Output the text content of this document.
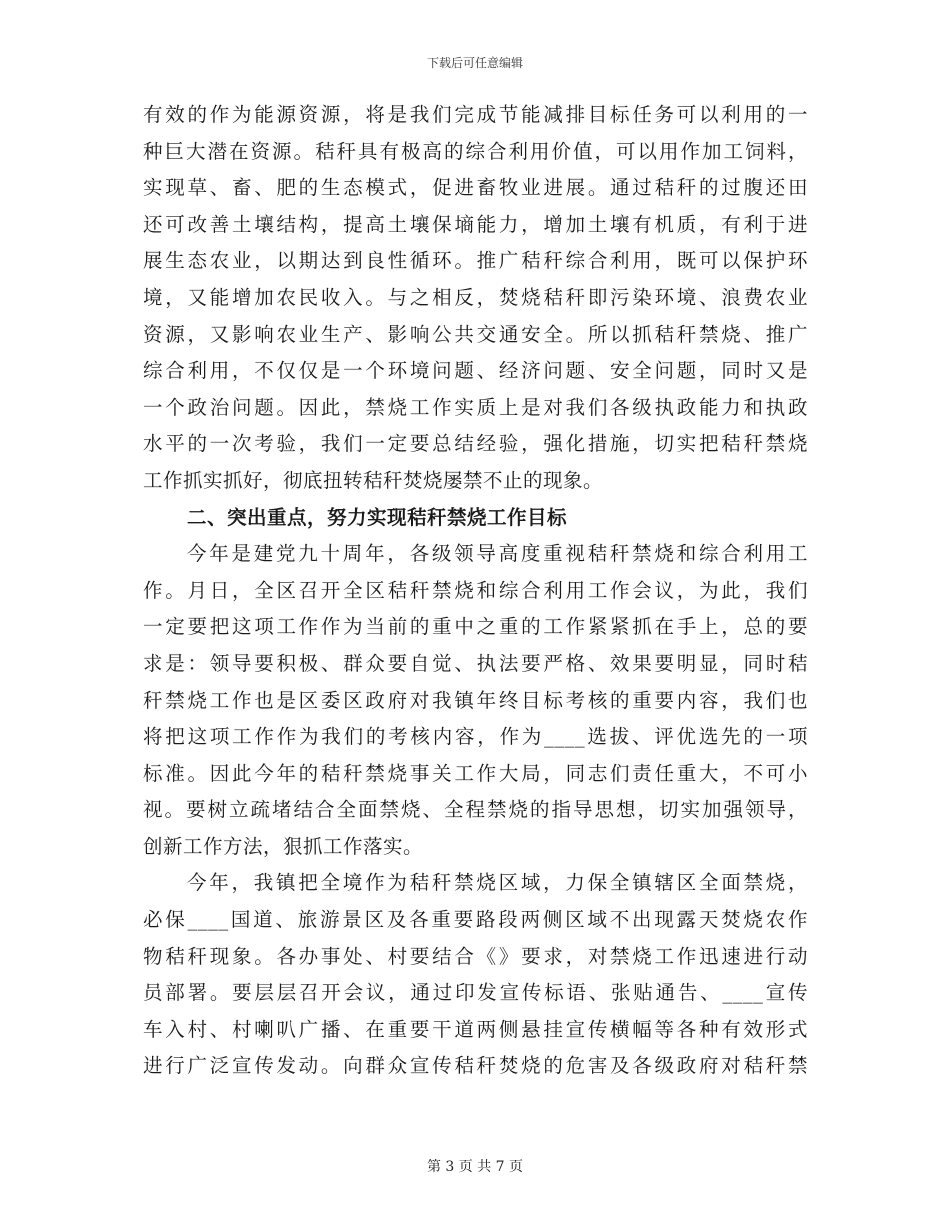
下载后可任意编辑
有效的作为能源资源，将是我们完成节能减排目标任务可以利用的一
种巨大潜在资源。秸秆具有极高的综合利用价值，可以用作加工饲料，
实现草、畜、肥的生态模式，促进畜牧业进展。通过秸秆的过腹还田
还可改善土壤结构，提高土壤保墒能力，增加土壤有机质，有利于进
展生态农业，以期达到良性循环。推广秸秆综合利用，既可以保护环
境，又能增加农民收入。与之相反，焚烧秸秆即污染环境、浪费农业
资源，又影响农业生产、影响公共交通安全。所以抓秸秆禁烧、推广
综合利用，不仅仅是一个环境问题、经济问题、安全问题，同时又是
一个政治问题。因此，禁烧工作实质上是对我们各级执政能力和执政
水平的一次考验，我们一定要总结经验，强化措施，切实把秸秆禁烧
工作抓实抓好，彻底扭转秸秆焚烧屡禁不止的现象。
二、突出重点，努力实现秸秆禁烧工作目标
今年是建党九十周年，各级领导高度重视秸秆禁烧和综合利用工
作。月日，全区召开全区秸秆禁烧和综合利用工作会议，为此，我们
一定要把这项工作作为当前的重中之重的工作紧紧抓在手上，总的要
求是：领导要积极、群众要自觉、执法要严格、效果要明显，同时秸
秆禁烧工作也是区委区政府对我镇年终目标考核的重要内容，我们也
将把这项工作作为我们的考核内容，作为____选拔、评优选先的一项
标准。因此今年的秸秆禁烧事关工作大局，同志们责任重大，不可小
视。要树立疏堵结合全面禁烧、全程禁烧的指导思想，切实加强领导，
创新工作方法，狠抓工作落实。
今年，我镇把全境作为秸秆禁烧区域，力保全镇辖区全面禁烧，
必保____国道、旅游景区及各重要路段两侧区域不出现露天焚烧农作
物秸秆现象。各办事处、村要结合《》要求，对禁烧工作迅速进行动
员部署。要层层召开会议，通过印发宣传标语、张贴通告、____宣传
车入村、村喇叭广播、在重要干道两侧悬挂宣传横幅等各种有效形式
进行广泛宣传发动。向群众宣传秸秆焚烧的危害及各级政府对秸秆禁
第 3 页 共 7 页
